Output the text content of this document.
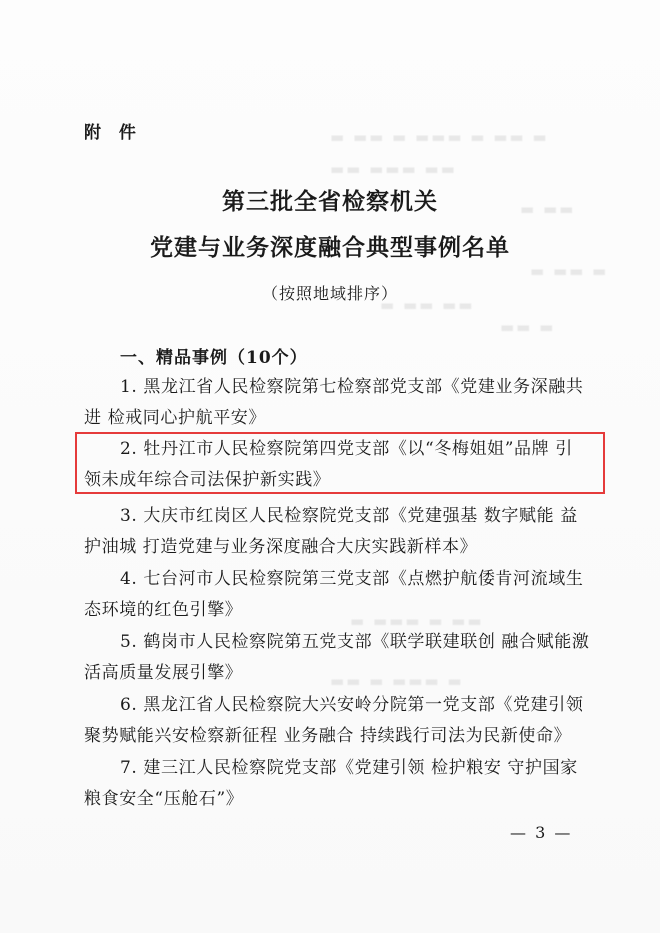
▬ ▬▬ ▬ ▬▬▬ ▬ ▬▬ ▬
▬▬ ▬▬▬ ▬▬
▬ ▬▬
▬ ▬▬ ▬
▬ ▬▬ ▬▬
▬▬ ▬
▬ ▬▬▬ ▬ ▬▬
▬▬ ▬ ▬▬▬ ▬
附 件
第三批全省检察机关
党建与业务深度融合典型事例名单
（按照地域排序）
一、精品事例（10个）
1. 黑龙江省人民检察院第七检察部党支部《党建业务深融共
进 检戒同心护航平安》
2. 牡丹江市人民检察院第四党支部《以“冬梅姐姐”品牌 引
领未成年综合司法保护新实践》
3. 大庆市红岗区人民检察院党支部《党建强基 数字赋能 益
护油城 打造党建与业务深度融合大庆实践新样本》
4. 七台河市人民检察院第三党支部《点燃护航倭肯河流域生
态环境的红色引擎》
5. 鹤岗市人民检察院第五党支部《联学联建联创 融合赋能激
活高质量发展引擎》
6. 黑龙江省人民检察院大兴安岭分院第一党支部《党建引领
聚势赋能兴安检察新征程 业务融合 持续践行司法为民新使命》
7. 建三江人民检察院党支部《党建引领 检护粮安 守护国家
粮食安全“压舱石”》
— 3 —
